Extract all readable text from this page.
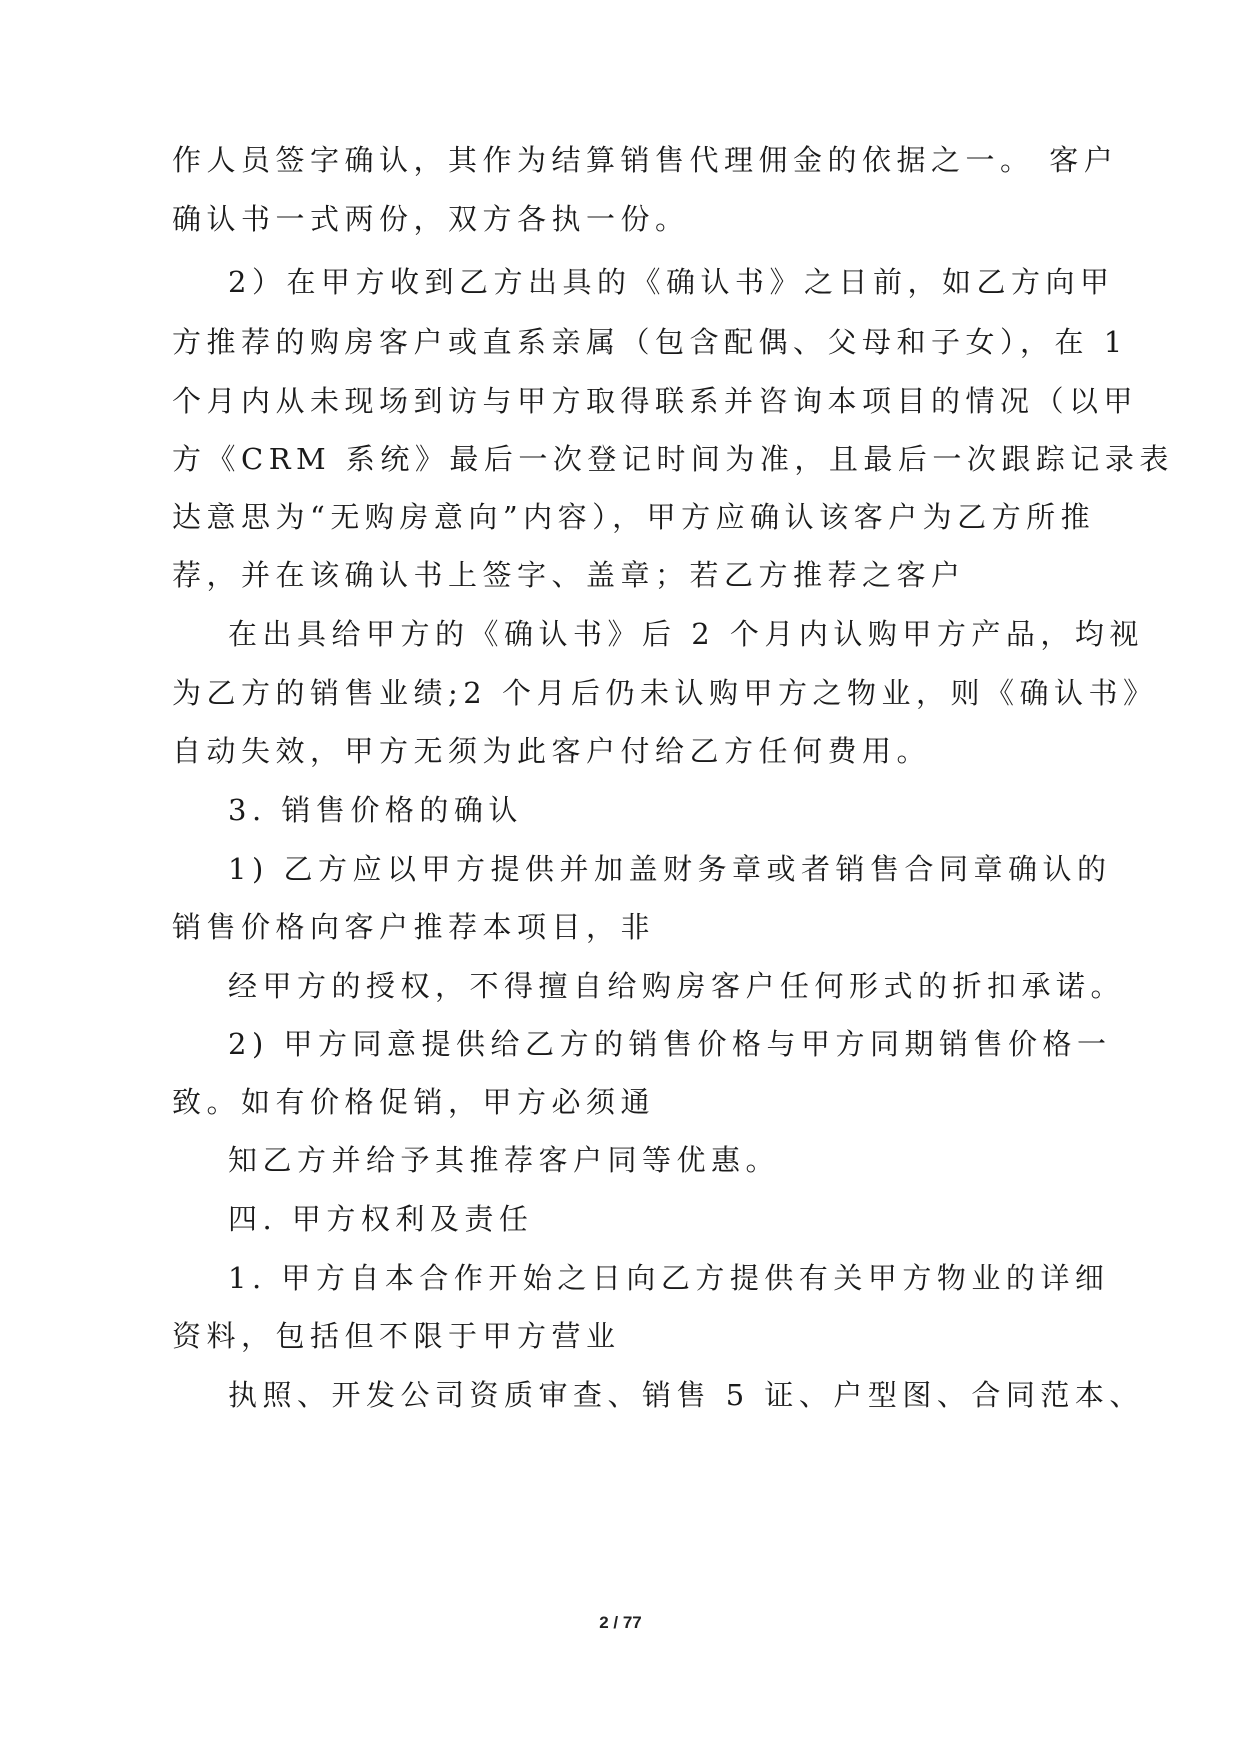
作人员签字确认，其作为结算销售代理佣金的依据之一。 客户
确认书一式两份，双方各执一份。
2）在甲方收到乙方出具的《确认书》之日前，如乙方向甲
方推荐的购房客户或直系亲属（包含配偶、父母和子女），在 1
个月内从未现场到访与甲方取得联系并咨询本项目的情况（以甲
方《CRM 系统》最后一次登记时间为准，且最后一次跟踪记录表
达意思为“无购房意向”内容），甲方应确认该客户为乙方所推
荐，并在该确认书上签字、盖章；若乙方推荐之客户
在出具给甲方的《确认书》后 2 个月内认购甲方产品，均视
为乙方的销售业绩;2 个月后仍未认购甲方之物业，则《确认书》
自动失效，甲方无须为此客户付给乙方任何费用。
3. 销售价格的确认
1) 乙方应以甲方提供并加盖财务章或者销售合同章确认的
销售价格向客户推荐本项目，非
经甲方的授权，不得擅自给购房客户任何形式的折扣承诺。
2) 甲方同意提供给乙方的销售价格与甲方同期销售价格一
致。如有价格促销，甲方必须通
知乙方并给予其推荐客户同等优惠。
四. 甲方权利及责任
1. 甲方自本合作开始之日向乙方提供有关甲方物业的详细
资料，包括但不限于甲方营业
执照、开发公司资质审查、销售 5 证、户型图、合同范本、
2 / 77
